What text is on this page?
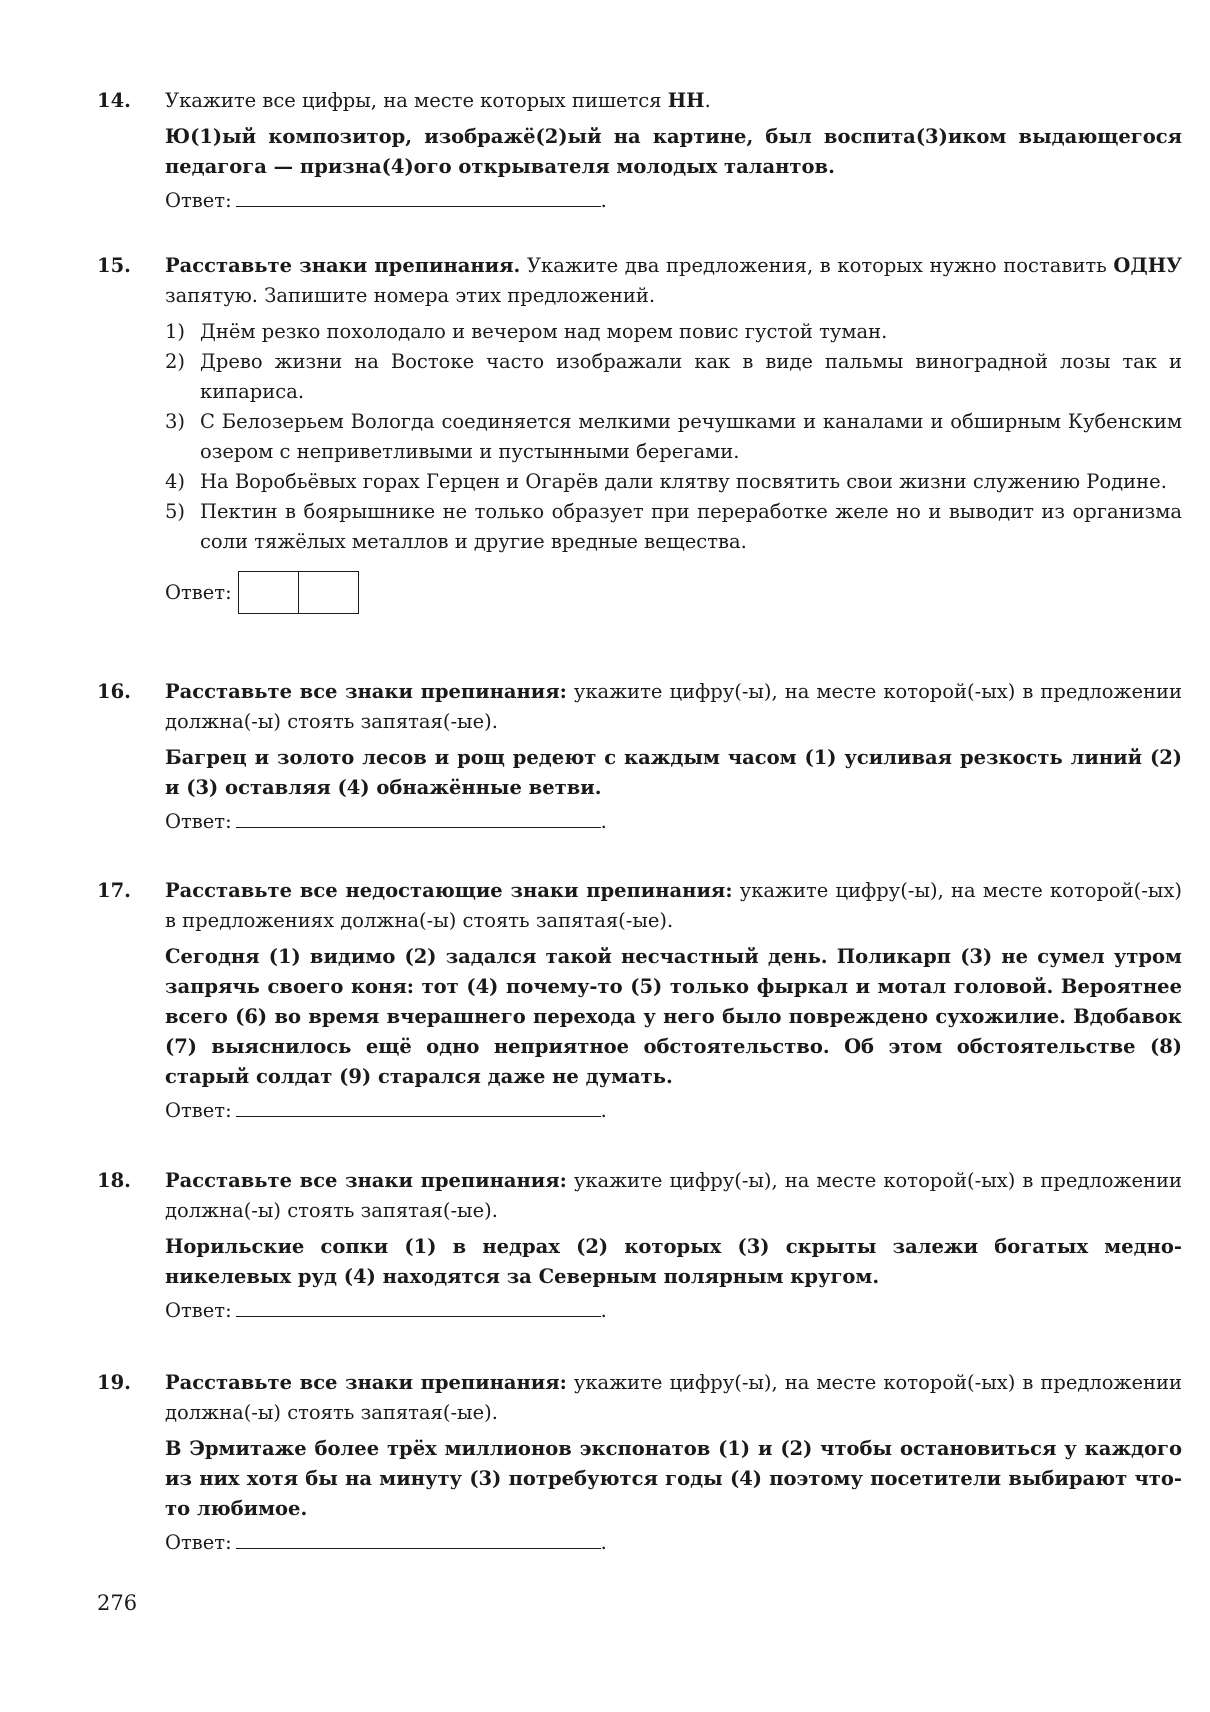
14. Укажите все цифры, на месте которых пишется НН.
Ю(1)ый композитор, изображё(2)ый на картине, был воспита(3)иком выдающегося педагога — призна(4)ого открывателя молодых талантов.
Ответ:	.
15. Расставьте знаки препинания. Укажите два предложения, в которых нужно поставить ОДНУ запятую. Запишите номера этих предложений.
1) Днём резко похолодало и вечером над морем повис густой туман.
2) Древо жизни на Востоке часто изображали как в виде пальмы виноградной лозы так и кипариса.
3) С Белозерьем Вологда соединяется мелкими речушками и каналами и обширным Кубенским озером с неприветливыми и пустынными берегами.
4) На Воробьёвых горах Герцен и Огарёв дали клятву посвятить свои жизни служению Родине.
5) Пектин в боярышнике не только образует при переработке желе но и выводит из организма соли тяжёлых металлов и другие вредные вещества.
Ответ:
16. Расставьте все знаки препинания: укажите цифру(-ы), на месте которой(-ых) в предложении должна(-ы) стоять запятая(-ые).
Багрец и золото лесов и рощ редеют с каждым часом (1) усиливая резкость линий (2) и (3) оставляя (4) обнажённые ветви.
Ответ:	.
17. Расставьте все недостающие знаки препинания: укажите цифру(-ы), на месте которой(-ых) в предложениях должна(-ы) стоять запятая(-ые).
Сегодня (1) видимо (2) задался такой несчастный день. Поликарп (3) не сумел утром запрячь своего коня: тот (4) почему-то (5) только фыркал и мотал головой. Вероятнее всего (6) во время вчерашнего перехода у него было повреждено сухожилие. Вдобавок (7) выяснилось ещё одно неприятное обстоятельство. Об этом обстоятельстве (8) старый солдат (9) старался даже не думать.
Ответ:	.
18. Расставьте все знаки препинания: укажите цифру(-ы), на месте которой(-ых) в предложении должна(-ы) стоять запятая(-ые).
Норильские сопки (1) в недрах (2) которых (3) скрыты залежи богатых медно-никелевых руд (4) находятся за Северным полярным кругом.
Ответ:	.
19. Расставьте все знаки препинания: укажите цифру(-ы), на месте которой(-ых) в предложении должна(-ы) стоять запятая(-ые).
В Эрмитаже более трёх миллионов экспонатов (1) и (2) чтобы остановиться у каждого из них хотя бы на минуту (3) потребуются годы (4) поэтому посетители выбирают что-то любимое.
Ответ:	.
276
